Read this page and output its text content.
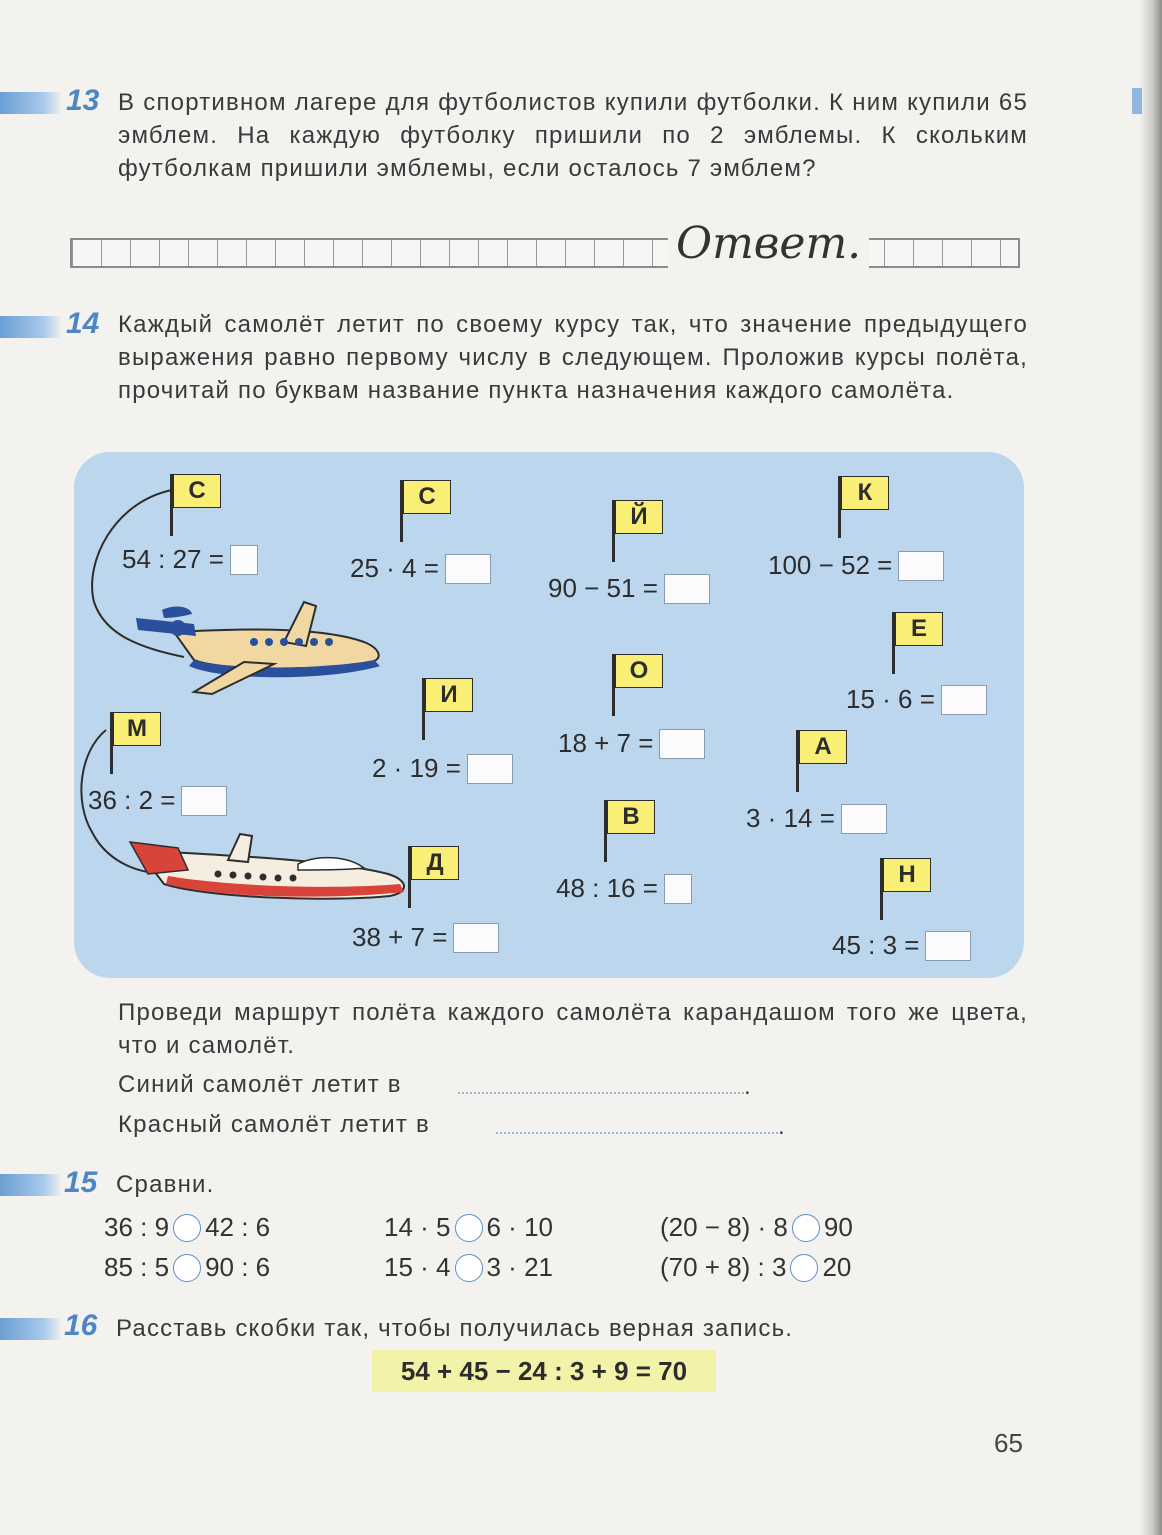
13 В спортивном лагере для футболистов купили футболки. К ним купили 65 эмблем. На каждую футболку пришили по 2 эмблемы. К скольким футболкам пришили эмблемы, если осталось 7 эмблем?
Ответ.
14 Каждый самолёт летит по своему курсу так, что значение предыдущего выражения равно первому числу в следующем. Проложив курсы полёта, прочитай по буквам название пункта назначения каждого самолёта.
С
54 : 27 =
С
25 · 4 =
Й
90 − 51 =
К
100 − 52 =
Е
15 · 6 =
М
36 : 2 =
И
2 · 19 =
О
18 + 7 =	А
3 · 14 =
В
48 : 16 =
Д
38 + 7 =
Н
45 : 3 =
Проведи маршрут полёта каждого самолёта карандашом того же цвета, что и самолёт.
Синий самолёт летит в	.
Красный самолёт летит в	.
15 Сравни.
36 : 9 42 : 6	14 · 5 6 · 10	(20 − 8) · 8 90
85 : 5 90 : 6	15 · 4 3 · 21	(70 + 8) : 3 20
16 Расставь скобки так, чтобы получилась верная запись.
54 + 45 − 24 : 3 + 9 = 70
65
